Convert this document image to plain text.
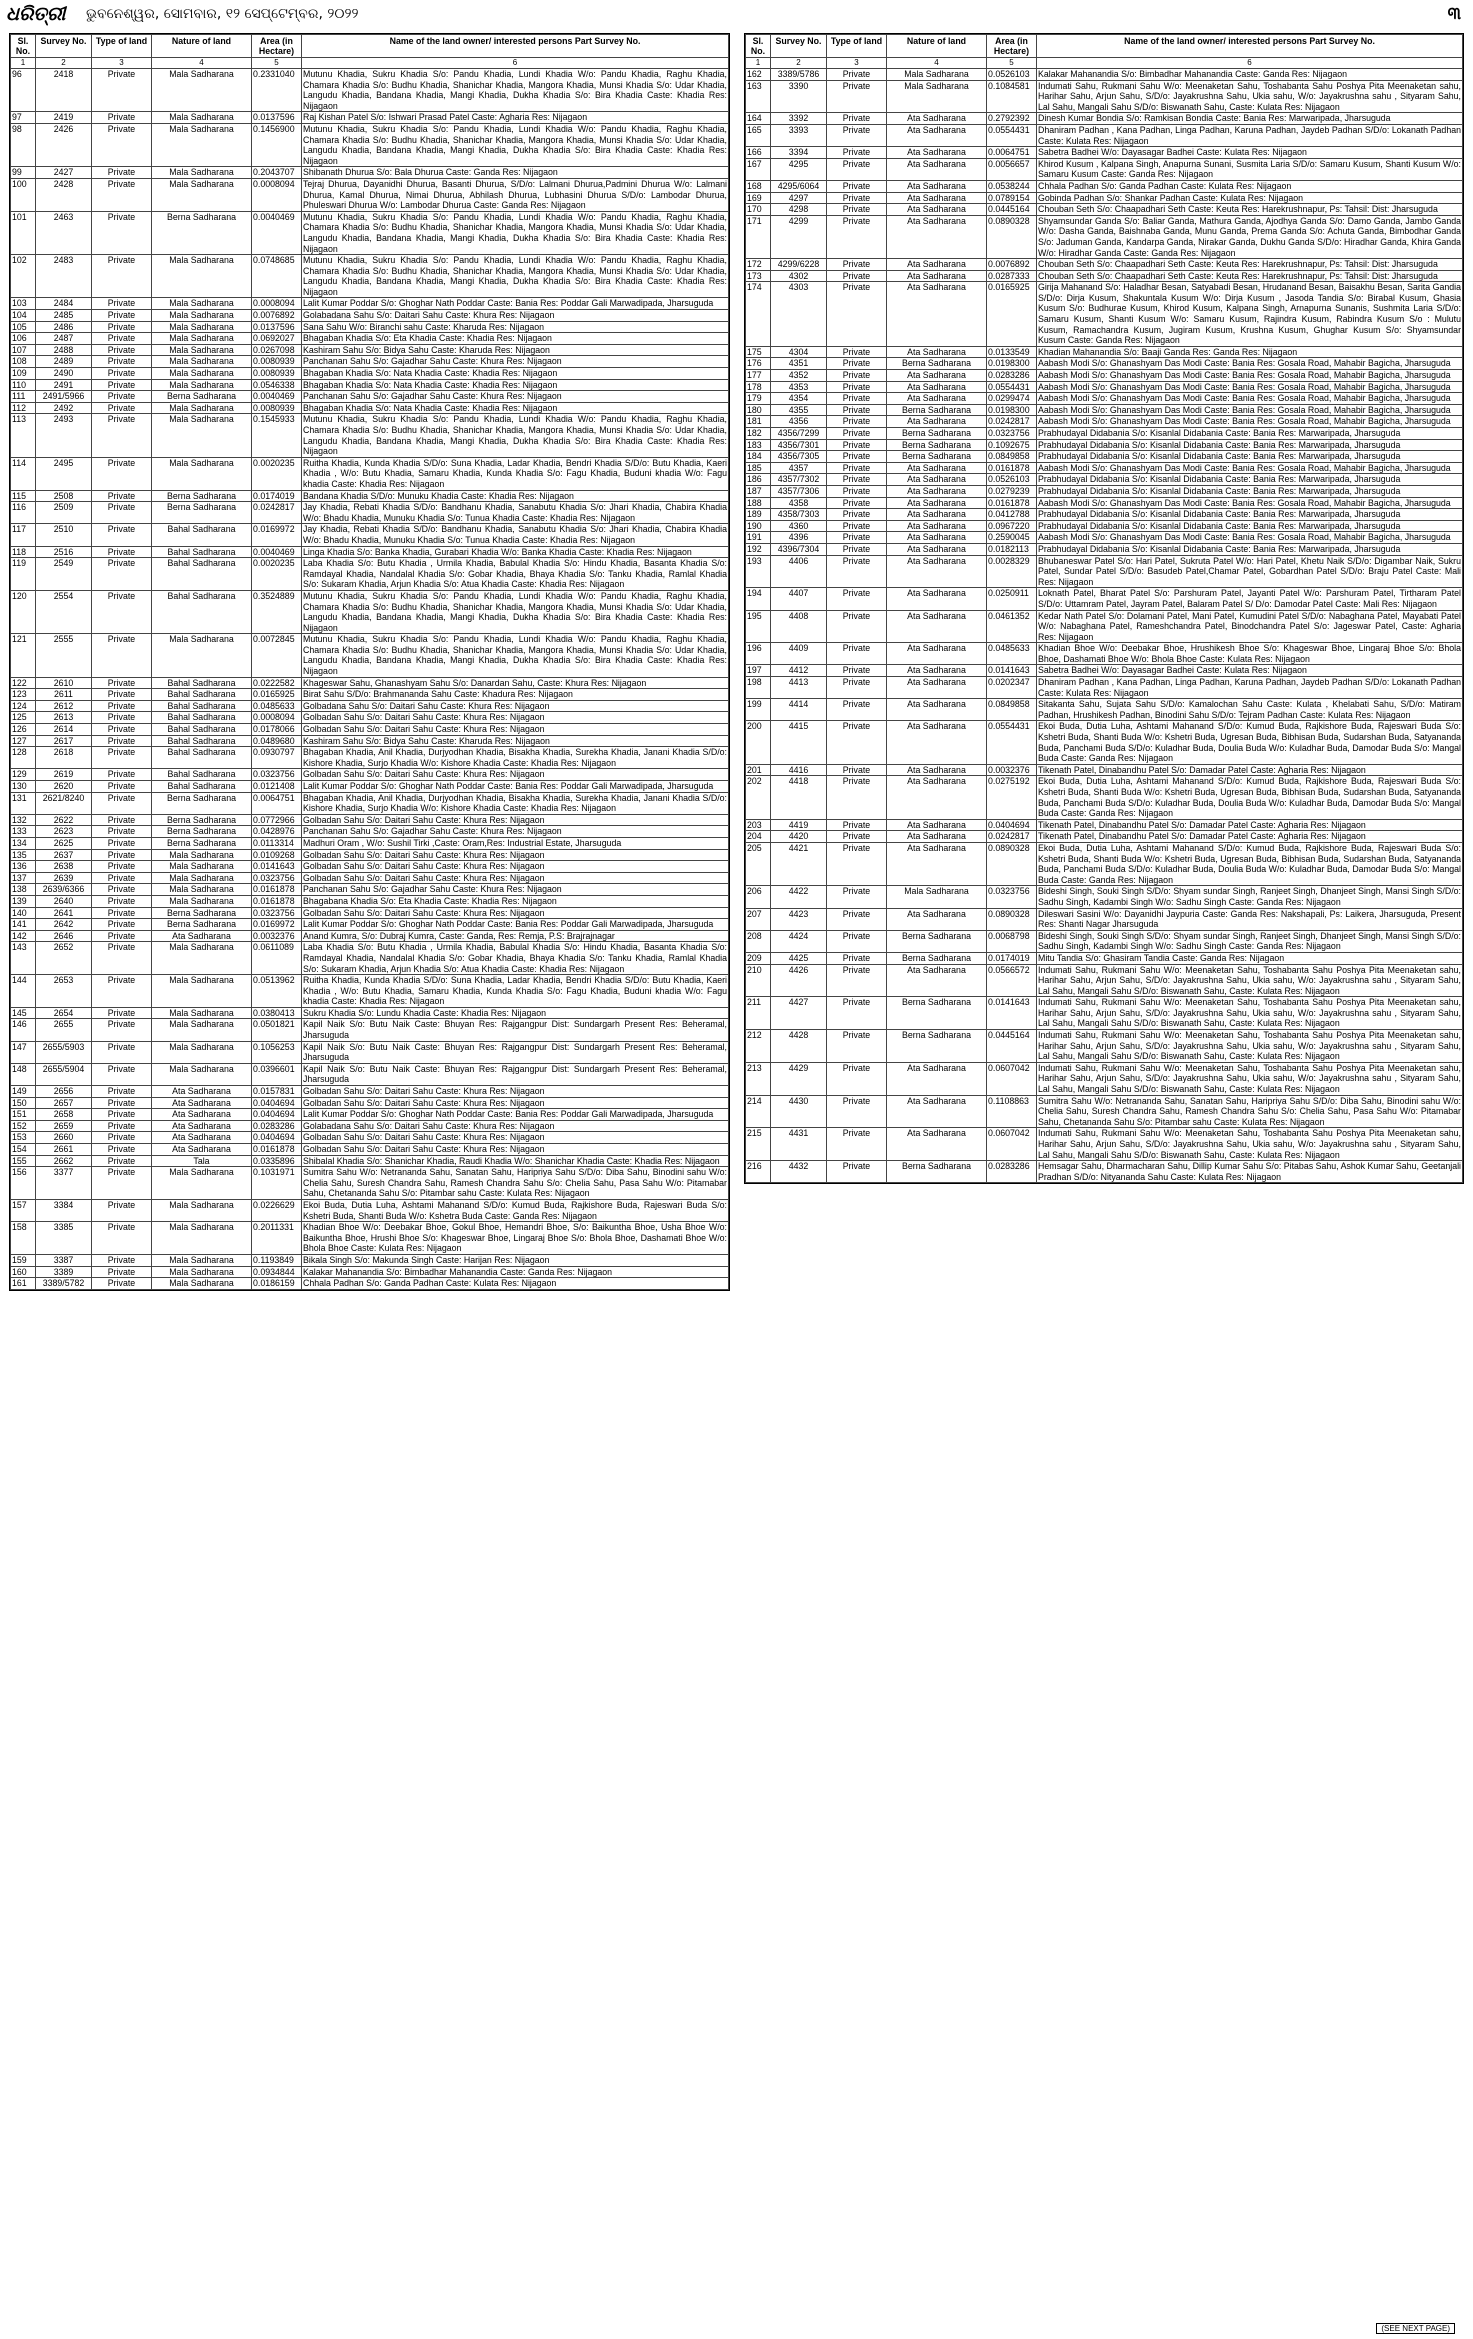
ଧରିତ୍ରୀ ଭୁବନେଶ୍ୱର, ସୋମବାର, ୧୨ ସେପ୍ଟେମ୍ବର, ୨୦୨୨	୩
Sl. No.	Survey No.	Type of land	Nature of land	Area (in Hectare)	Name of the land owner/ interested persons Part Survey No.
1	2	3	4	5	6
96	2418	Private	Mala Sadharana	0.2331040	Mutunu Khadia, Sukru Khadia S/o: Pandu Khadia, Lundi Khadia W/o: Pandu Khadia, Raghu Khadia, Chamara Khadia S/o: Budhu Khadia, Shanichar Khadia, Mangora Khadia, Munsi Khadia S/o: Udar Khadia, Langudu Khadia, Bandana Khadia, Mangi Khadia, Dukha Khadia S/o: Bira Khadia Caste: Khadia Res: Nijagaon
97	2419	Private	Mala Sadharana	0.0137596	Raj Kishan Patel S/o: Ishwari Prasad Patel Caste: Agharia Res: Nijagaon
98	2426	Private	Mala Sadharana	0.1456900	Mutunu Khadia, Sukru Khadia S/o: Pandu Khadia, Lundi Khadia W/o: Pandu Khadia, Raghu Khadia, Chamara Khadia S/o: Budhu Khadia, Shanichar Khadia, Mangora Khadia, Munsi Khadia S/o: Udar Khadia, Langudu Khadia, Bandana Khadia, Mangi Khadia, Dukha Khadia S/o: Bira Khadia Caste: Khadia Res: Nijagaon
99	2427	Private	Mala Sadharana	0.2043707	Shibanath Dhurua S/o: Bala Dhurua Caste: Ganda Res: Nijagaon
100	2428	Private	Mala Sadharana	0.0008094	Tejraj Dhurua, Dayanidhi Dhurua, Basanti Dhurua, S/D/o: Lalmani Dhurua,Padmini Dhurua W/o: Lalmani Dhurua, Kamal Dhurua, Nimai Dhurua, Abhilash Dhurua, Lubhasini Dhurua S/D/o: Lambodar Dhurua, Phuleswari Dhurua W/o: Lambodar Dhurua Caste: Ganda Res: Nijagaon
101	2463	Private	Berna Sadharana	0.0040469	Mutunu Khadia, Sukru Khadia S/o: Pandu Khadia, Lundi Khadia W/o: Pandu Khadia, Raghu Khadia, Chamara Khadia S/o: Budhu Khadia, Shanichar Khadia, Mangora Khadia, Munsi Khadia S/o: Udar Khadia, Langudu Khadia, Bandana Khadia, Mangi Khadia, Dukha Khadia S/o: Bira Khadia Caste: Khadia Res: Nijagaon
102	2483	Private	Mala Sadharana	0.0748685	Mutunu Khadia, Sukru Khadia S/o: Pandu Khadia, Lundi Khadia W/o: Pandu Khadia, Raghu Khadia, Chamara Khadia S/o: Budhu Khadia, Shanichar Khadia, Mangora Khadia, Munsi Khadia S/o: Udar Khadia, Langudu Khadia, Bandana Khadia, Mangi Khadia, Dukha Khadia S/o: Bira Khadia Caste: Khadia Res: Nijagaon
103	2484	Private	Mala Sadharana	0.0008094	Lalit Kumar Poddar S/o: Ghoghar Nath Poddar Caste: Bania Res: Poddar Gali Marwadipada, Jharsuguda
104	2485	Private	Mala Sadharana	0.0076892	Golabadana Sahu S/o: Daitari Sahu Caste: Khura Res: Nijagaon
105	2486	Private	Mala Sadharana	0.0137596	Sana Sahu W/o: Biranchi sahu Caste: Kharuda Res: Nijagaon
106	2487	Private	Mala Sadharana	0.0692027	Bhagaban Khadia S/o: Eta Khadia Caste: Khadia Res: Nijagaon
107	2488	Private	Mala Sadharana	0.0267098	Kashiram Sahu S/o: Bidya Sahu Caste: Kharuda Res: Nijagaon
108	2489	Private	Mala Sadharana	0.0080939	Panchanan Sahu S/o: Gajadhar Sahu Caste: Khura Res: Nijagaon
109	2490	Private	Mala Sadharana	0.0080939	Bhagaban Khadia S/o: Nata Khadia Caste: Khadia Res: Nijagaon
110	2491	Private	Mala Sadharana	0.0546338	Bhagaban Khadia S/o: Nata Khadia Caste: Khadia Res: Nijagaon
111	2491/5966	Private	Berna Sadharana	0.0040469	Panchanan Sahu S/o: Gajadhar Sahu Caste: Khura Res: Nijagaon
112	2492	Private	Mala Sadharana	0.0080939	Bhagaban Khadia S/o: Nata Khadia Caste: Khadia Res: Nijagaon
113	2493	Private	Mala Sadharana	0.1545933	Mutunu Khadia, Sukru Khadia S/o: Pandu Khadia, Lundi Khadia W/o: Pandu Khadia, Raghu Khadia, Chamara Khadia S/o: Budhu Khadia, Shanichar Khadia, Mangora Khadia, Munsi Khadia S/o: Udar Khadia, Langudu Khadia, Bandana Khadia, Mangi Khadia, Dukha Khadia S/o: Bira Khadia Caste: Khadia Res: Nijagaon
114	2495	Private	Mala Sadharana	0.0020235	Ruitha Khadia, Kunda Khadia S/D/o: Suna Khadia, Ladar Khadia, Bendri Khadia S/D/o: Butu Khadia, Kaeri Khadia , W/o: Butu Khadia, Samaru Khadia, Kunda Khadia S/o: Fagu Khadia, Buduni khadia W/o: Fagu khadia Caste: Khadia Res: Nijagaon
115	2508	Private	Berna Sadharana	0.0174019	Bandana Khadia S/D/o: Munuku Khadia Caste: Khadia Res: Nijagaon
116	2509	Private	Berna Sadharana	0.0242817	Jay Khadia, Rebati Khadia S/D/o: Bandhanu Khadia, Sanabutu Khadia S/o: Jhari Khadia, Chabira Khadia W/o: Bhadu Khadia, Munuku Khadia S/o: Tunua Khadia Caste: Khadia Res: Nijagaon
117	2510	Private	Bahal Sadharana	0.0169972	Jay Khadia, Rebati Khadia S/D/o: Bandhanu Khadia, Sanabutu Khadia S/o: Jhari Khadia, Chabira Khadia W/o: Bhadu Khadia, Munuku Khadia S/o: Tunua Khadia Caste: Khadia Res: Nijagaon
118	2516	Private	Bahal Sadharana	0.0040469	Linga Khadia S/o: Banka Khadia, Gurabari Khadia W/o: Banka Khadia Caste: Khadia Res: Nijagaon
119	2549	Private	Bahal Sadharana	0.0020235	Laba Khadia S/o: Butu Khadia , Urmila Khadia, Babulal Khadia S/o: Hindu Khadia, Basanta Khadia S/o: Ramdayal Khadia, Nandalal Khadia S/o: Gobar Khadia, Bhaya Khadia S/o: Tanku Khadia, Ramlal Khadia S/o: Sukaram Khadia, Arjun Khadia S/o: Atua Khadia Caste: Khadia Res: Nijagaon
120	2554	Private	Bahal Sadharana	0.3524889	Mutunu Khadia, Sukru Khadia S/o: Pandu Khadia, Lundi Khadia W/o: Pandu Khadia, Raghu Khadia, Chamara Khadia S/o: Budhu Khadia, Shanichar Khadia, Mangora Khadia, Munsi Khadia S/o: Udar Khadia, Langudu Khadia, Bandana Khadia, Mangi Khadia, Dukha Khadia S/o: Bira Khadia Caste: Khadia Res: Nijagaon
121	2555	Private	Mala Sadharana	0.0072845	Mutunu Khadia, Sukru Khadia S/o: Pandu Khadia, Lundi Khadia W/o: Pandu Khadia, Raghu Khadia, Chamara Khadia S/o: Budhu Khadia, Shanichar Khadia, Mangora Khadia, Munsi Khadia S/o: Udar Khadia, Langudu Khadia, Bandana Khadia, Mangi Khadia, Dukha Khadia S/o: Bira Khadia Caste: Khadia Res: Nijagaon
122	2610	Private	Bahal Sadharana	0.0222582	Khageswar Sahu, Ghanashyam Sahu S/o: Danardan Sahu, Caste: Khura Res: Nijagaon
123	2611	Private	Bahal Sadharana	0.0165925	Birat Sahu S/D/o: Brahmananda Sahu Caste: Khadura Res: Nijagaon
124	2612	Private	Bahal Sadharana	0.0485633	Golbadana Sahu S/o: Daitari Sahu Caste: Khura Res: Nijagaon
125	2613	Private	Bahal Sadharana	0.0008094	Golbadan Sahu S/o: Daitari Sahu Caste: Khura Res: Nijagaon
126	2614	Private	Bahal Sadharana	0.0178066	Golbadan Sahu S/o: Daitari Sahu Caste: Khura Res: Nijagaon
127	2617	Private	Bahal Sadharana	0.0489680	Kashiram Sahu S/o: Bidya Sahu Caste: Kharuda Res: Nijagaon
128	2618	Private	Bahal Sadharana	0.0930797	Bhagaban Khadia, Anil Khadia, Durjyodhan Khadia, Bisakha Khadia, Surekha Khadia, Janani Khadia S/D/o: Kishore Khadia, Surjo Khadia W/o: Kishore Khadia Caste: Khadia Res: Nijagaon
129	2619	Private	Bahal Sadharana	0.0323756	Golbadan Sahu S/o: Daitari Sahu Caste: Khura Res: Nijagaon
130	2620	Private	Bahal Sadharana	0.0121408	Lalit Kumar Poddar S/o: Ghoghar Nath Poddar Caste: Bania Res: Poddar Gali Marwadipada, Jharsuguda
131	2621/8240	Private	Berna Sadharana	0.0064751	Bhagaban Khadia, Anil Khadia, Durjyodhan Khadia, Bisakha Khadia, Surekha Khadia, Janani Khadia S/D/o: Kishore Khadia, Surjo Khadia W/o: Kishore Khadia Caste: Khadia Res: Nijagaon
132	2622	Private	Berna Sadharana	0.0772966	Golbadan Sahu S/o: Daitari Sahu Caste: Khura Res: Nijagaon
133	2623	Private	Berna Sadharana	0.0428976	Panchanan Sahu S/o: Gajadhar Sahu Caste: Khura Res: Nijagaon
134	2625	Private	Berna Sadharana	0.0113314	Madhuri Oram , W/o: Sushil Tirki ,Caste: Oram,Res: Industrial Estate, Jharsuguda
135	2637	Private	Mala Sadharana	0.0109268	Golbadan Sahu S/o: Daitari Sahu Caste: Khura Res: Nijagaon
136	2638	Private	Mala Sadharana	0.0141643	Golbadan Sahu S/o: Daitari Sahu Caste: Khura Res: Nijagaon
137	2639	Private	Mala Sadharana	0.0323756	Golbadan Sahu S/o: Daitari Sahu Caste: Khura Res: Nijagaon
138	2639/6366	Private	Mala Sadharana	0.0161878	Panchanan Sahu S/o: Gajadhar Sahu Caste: Khura Res: Nijagaon
139	2640	Private	Mala Sadharana	0.0161878	Bhagabana Khadia S/o: Eta Khadia Caste: Khadia Res: Nijagaon
140	2641	Private	Berna Sadharana	0.0323756	Golbadan Sahu S/o: Daitari Sahu Caste: Khura Res: Nijagaon
141	2642	Private	Berna Sadharana	0.0169972	Lalit Kumar Poddar S/o: Ghoghar Nath Poddar Caste: Bania Res: Poddar Gali Marwadipada, Jharsuguda
142	2646	Private	Ata Sadharana	0.0032376	Anand Kumra, S/o: Dubraj Kumra, Caste: Ganda, Res: Remja, P.S: Brajrajnagar
143	2652	Private	Mala Sadharana	0.0611089	Laba Khadia S/o: Butu Khadia , Urmila Khadia, Babulal Khadia S/o: Hindu Khadia, Basanta Khadia S/o: Ramdayal Khadia, Nandalal Khadia S/o: Gobar Khadia, Bhaya Khadia S/o: Tanku Khadia, Ramlal Khadia S/o: Sukaram Khadia, Arjun Khadia S/o: Atua Khadia Caste: Khadia Res: Nijagaon
144	2653	Private	Mala Sadharana	0.0513962	Ruitha Khadia, Kunda Khadia S/D/o: Suna Khadia, Ladar Khadia, Bendri Khadia S/D/o: Butu Khadia, Kaeri Khadia , W/o: Butu Khadia, Samaru Khadia, Kunda Khadia S/o: Fagu Khadia, Buduni khadia W/o: Fagu khadia Caste: Khadia Res: Nijagaon
145	2654	Private	Mala Sadharana	0.0380413	Sukru Khadia S/o: Lundu Khadia Caste: Khadia Res: Nijagaon
146	2655	Private	Mala Sadharana	0.0501821	Kapil Naik S/o: Butu Naik Caste: Bhuyan Res: Rajgangpur Dist: Sundargarh Present Res: Beheramal, Jharsuguda
147	2655/5903	Private	Mala Sadharana	0.1056253	Kapil Naik S/o: Butu Naik Caste: Bhuyan Res: Rajgangpur Dist: Sundargarh Present Res: Beheramal, Jharsuguda
148	2655/5904	Private	Mala Sadharana	0.0396601	Kapil Naik S/o: Butu Naik Caste: Bhuyan Res: Rajgangpur Dist: Sundargarh Present Res: Beheramal, Jharsuguda
149	2656	Private	Ata Sadharana	0.0157831	Golbadan Sahu S/o: Daitari Sahu Caste: Khura Res: Nijagaon
150	2657	Private	Ata Sadharana	0.0404694	Golbadan Sahu S/o: Daitari Sahu Caste: Khura Res: Nijagaon
151	2658	Private	Ata Sadharana	0.0404694	Lalit Kumar Poddar S/o: Ghoghar Nath Poddar Caste: Bania Res: Poddar Gali Marwadipada, Jharsuguda
152	2659	Private	Ata Sadharana	0.0283286	Golabadana Sahu S/o: Daitari Sahu Caste: Khura Res: Nijagaon
153	2660	Private	Ata Sadharana	0.0404694	Golbadan Sahu S/o: Daitari Sahu Caste: Khura Res: Nijagaon
154	2661	Private	Ata Sadharana	0.0161878	Golbadan Sahu S/o: Daitari Sahu Caste: Khura Res: Nijagaon
155	2662	Private	Tala	0.0335896	Shibalal Khadia S/o: Shanichar Khadia, Raudi Khadia W/o: Shanichar Khadia Caste: Khadia Res: Nijagaon
156	3377	Private	Mala Sadharana	0.1031971	Sumitra Sahu W/o: Netrananda Sahu, Sanatan Sahu, Haripriya Sahu S/D/o: Diba Sahu, Binodini sahu W/o: Chelia Sahu, Suresh Chandra Sahu, Ramesh Chandra Sahu S/o: Chelia Sahu, Pasa Sahu W/o: Pitamabar Sahu, Chetananda Sahu S/o: Pitambar sahu Caste: Kulata Res: Nijagaon
157	3384	Private	Mala Sadharana	0.0226629	Ekoi Buda, Dutia Luha, Ashtami Mahanand S/D/o: Kumud Buda, Rajkishore Buda, Rajeswari Buda S/o: Kshetri Buda, Shanti Buda W/o: Kshetra Buda Caste: Ganda Res: Nijagaon
158	3385	Private	Mala Sadharana	0.2011331	Khadian Bhoe W/o: Deebakar Bhoe, Gokul Bhoe, Hemandri Bhoe, S/o: Baikuntha Bhoe, Usha Bhoe W/o: Baikuntha Bhoe, Hrushi Bhoe S/o: Khageswar Bhoe, Lingaraj Bhoe S/o: Bhola Bhoe, Dashamati Bhoe W/o: Bhola Bhoe Caste: Kulata Res: Nijagaon
159	3387	Private	Mala Sadharana	0.1193849	Bikala Singh S/o: Makunda Singh Caste: Harijan Res: Nijagaon
160	3389	Private	Mala Sadharana	0.0934844	Kalakar Mahanandia S/o: Bimbadhar Mahanandia Caste: Ganda Res: Nijagaon
161	3389/5782	Private	Mala Sadharana	0.0186159	Chhala Padhan S/o: Ganda Padhan Caste: Kulata Res: Nijagaon
Sl. No.	Survey No.	Type of land	Nature of land	Area (in Hectare)	Name of the land owner/ interested persons Part Survey No.
1	2	3	4	5	6
162	3389/5786	Private	Mala Sadharana	0.0526103	Kalakar Mahanandia S/o: Bimbadhar Mahanandia Caste: Ganda Res: Nijagaon
163	3390	Private	Mala Sadharana	0.1084581	Indumati Sahu, Rukmani Sahu W/o: Meenaketan Sahu, Toshabanta Sahu Poshya Pita Meenaketan sahu, Harihar Sahu, Arjun Sahu, S/D/o: Jayakrushna Sahu, Ukia sahu, W/o: Jayakrushna sahu , Sityaram Sahu, Lal Sahu, Mangali Sahu S/D/o: Biswanath Sahu, Caste: Kulata Res: Nijagaon
164	3392	Private	Ata Sadharana	0.2792392	Dinesh Kumar Bondia S/o: Ramkisan Bondia Caste: Bania Res: Marwaripada, Jharsuguda
165	3393	Private	Ata Sadharana	0.0554431	Dhaniram Padhan , Kana Padhan, Linga Padhan, Karuna Padhan, Jaydeb Padhan S/D/o: Lokanath Padhan Caste: Kulata Res: Nijagaon
166	3394	Private	Ata Sadharana	0.0064751	Sabetra Badhei W/o: Dayasagar Badhei Caste: Kulata Res: Nijagaon
167	4295	Private	Ata Sadharana	0.0056657	Khirod Kusum , Kalpana Singh, Anapurna Sunani, Susmita Laria S/D/o: Samaru Kusum, Shanti Kusum W/o: Samaru Kusum Caste: Ganda Res: Nijagaon
168	4295/6064	Private	Ata Sadharana	0.0538244	Chhala Padhan S/o: Ganda Padhan Caste: Kulata Res: Nijagaon
169	4297	Private	Ata Sadharana	0.0789154	Gobinda Padhan S/o: Shankar Padhan Caste: Kulata Res: Nijagaon
170	4298	Private	Ata Sadharana	0.0445164	Chouban Seth S/o: Chaapadhari Seth Caste: Keuta Res: Harekrushnapur, Ps: Tahsil: Dist: Jharsuguda
171	4299	Private	Ata Sadharana	0.0890328	Shyamsundar Ganda S/o: Baliar Ganda, Mathura Ganda, Ajodhya Ganda S/o: Damo Ganda, Jambo Ganda W/o: Dasha Ganda, Baishnaba Ganda, Munu Ganda, Prema Ganda S/o: Achuta Ganda, Bimbodhar Ganda S/o: Jaduman Ganda, Kandarpa Ganda, Nirakar Ganda, Dukhu Ganda S/D/o: Hiradhar Ganda, Khira Ganda W/o: Hiradhar Ganda Caste: Ganda Res: Nijagaon
172	4299/6228	Private	Ata Sadharana	0.0076892	Chouban Seth S/o: Chaapadhari Seth Caste: Keuta Res: Harekrushnapur, Ps: Tahsil: Dist: Jharsuguda
173	4302	Private	Ata Sadharana	0.0287333	Chouban Seth S/o: Chaapadhari Seth Caste: Keuta Res: Harekrushnapur, Ps: Tahsil: Dist: Jharsuguda
174	4303	Private	Ata Sadharana	0.0165925	Girija Mahanand S/o: Haladhar Besan, Satyabadi Besan, Hrudanand Besan, Baisakhu Besan, Sarita Gandia S/D/o: Dirja Kusum, Shakuntala Kusum W/o: Dirja Kusum , Jasoda Tandia S/o: Birabal Kusum, Ghasia Kusum S/o: Budhurae Kusum, Khirod Kusum, Kalpana Singh, Arnapurna Sunanis, Sushmita Laria S/D/o: Samaru Kusum, Shanti Kusum W/o: Samaru Kusum, Rajindra Kusum, Rabindra Kusum S/o : Mulutu Kusum, Ramachandra Kusum, Jugiram Kusum, Krushna Kusum, Ghughar Kusum S/o: Shyamsundar Kusum Caste: Ganda Res: Nijagaon
175	4304	Private	Ata Sadharana	0.0133549	Khadian Mahanandia S/o: Baaji Ganda Res: Ganda Res: Nijagaon
176	4351	Private	Berna Sadharana	0.0198300	Aabash Modi S/o: Ghanashyam Das Modi Caste: Bania Res: Gosala Road, Mahabir Bagicha, Jharsuguda
177	4352	Private	Ata Sadharana	0.0283286	Aabash Modi S/o: Ghanashyam Das Modi Caste: Bania Res: Gosala Road, Mahabir Bagicha, Jharsuguda
178	4353	Private	Ata Sadharana	0.0554431	Aabash Modi S/o: Ghanashyam Das Modi Caste: Bania Res: Gosala Road, Mahabir Bagicha, Jharsuguda
179	4354	Private	Ata Sadharana	0.0299474	Aabash Modi S/o: Ghanashyam Das Modi Caste: Bania Res: Gosala Road, Mahabir Bagicha, Jharsuguda
180	4355	Private	Berna Sadharana	0.0198300	Aabash Modi S/o: Ghanashyam Das Modi Caste: Bania Res: Gosala Road, Mahabir Bagicha, Jharsuguda
181	4356	Private	Ata Sadharana	0.0242817	Aabash Modi S/o: Ghanashyam Das Modi Caste: Bania Res: Gosala Road, Mahabir Bagicha, Jharsuguda
182	4356/7299	Private	Berna Sadharana	0.0323756	Prabhudayal Didabania S/o: Kisanlal Didabania Caste: Bania Res: Marwaripada, Jharsuguda
183	4356/7301	Private	Berna Sadharana	0.1092675	Prabhudayal Didabania S/o: Kisanlal Didabania Caste: Bania Res: Marwaripada, Jharsuguda
184	4356/7305	Private	Berna Sadharana	0.0849858	Prabhudayal Didabania S/o: Kisanlal Didabania Caste: Bania Res: Marwaripada, Jharsuguda
185	4357	Private	Ata Sadharana	0.0161878	Aabash Modi S/o: Ghanashyam Das Modi Caste: Bania Res: Gosala Road, Mahabir Bagicha, Jharsuguda
186	4357/7302	Private	Ata Sadharana	0.0526103	Prabhudayal Didabania S/o: Kisanlal Didabania Caste: Bania Res: Marwaripada, Jharsuguda
187	4357/7306	Private	Ata Sadharana	0.0279239	Prabhudayal Didabania S/o: Kisanlal Didabania Caste: Bania Res: Marwaripada, Jharsuguda
188	4358	Private	Ata Sadharana	0.0161878	Aabash Modi S/o: Ghanashyam Das Modi Caste: Bania Res: Gosala Road, Mahabir Bagicha, Jharsuguda
189	4358/7303	Private	Ata Sadharana	0.0412788	Prabhudayal Didabania S/o: Kisanlal Didabania Caste: Bania Res: Marwaripada, Jharsuguda
190	4360	Private	Ata Sadharana	0.0967220	Prabhudayal Didabania S/o: Kisanlal Didabania Caste: Bania Res: Marwaripada, Jharsuguda
191	4396	Private	Ata Sadharana	0.2590045	Aabash Modi S/o: Ghanashyam Das Modi Caste: Bania Res: Gosala Road, Mahabir Bagicha, Jharsuguda
192	4396/7304	Private	Ata Sadharana	0.0182113	Prabhudayal Didabania S/o: Kisanlal Didabania Caste: Bania Res: Marwaripada, Jharsuguda
193	4406	Private	Ata Sadharana	0.0028329	Bhubaneswar Patel S/o: Hari Patel, Sukruta Patel W/o: Hari Patel, Khetu Naik S/D/o: Digambar Naik, Sukru Patel, Sundar Patel S/D/o: Basudeb Patel,Chamar Patel, Gobardhan Patel S/D/o: Braju Patel Caste: Mali Res: Nijagaon
194	4407	Private	Ata Sadharana	0.0250911	Loknath Patel, Bharat Patel S/o: Parshuram Patel, Jayanti Patel W/o: Parshuram Patel, Tirtharam Patel S/D/o: Uttamram Patel, Jayram Patel, Balaram Patel S/ D/o: Damodar Patel Caste: Mali Res: Nijagaon
195	4408	Private	Ata Sadharana	0.0461352	Kedar Nath Patel S/o: Dolamani Patel, Mani Patel, Kumudini Patel S/D/o: Nabaghana Patel, Mayabati Patel W/o: Nabaghana Patel, Rameshchandra Patel, Binodchandra Patel S/o: Jageswar Patel, Caste: Agharia Res: Nijagaon
196	4409	Private	Ata Sadharana	0.0485633	Khadian Bhoe W/o: Deebakar Bhoe, Hrushikesh Bhoe S/o: Khageswar Bhoe, Lingaraj Bhoe S/o: Bhola Bhoe, Dashamati Bhoe W/o: Bhola Bhoe Caste: Kulata Res: Nijagaon
197	4412	Private	Ata Sadharana	0.0141643	Sabetra Badhei W/o: Dayasagar Badhei Caste: Kulata Res: Nijagaon
198	4413	Private	Ata Sadharana	0.0202347	Dhaniram Padhan , Kana Padhan, Linga Padhan, Karuna Padhan, Jaydeb Padhan S/D/o: Lokanath Padhan Caste: Kulata Res: Nijagaon
199	4414	Private	Ata Sadharana	0.0849858	Sitakanta Sahu, Sujata Sahu S/D/o: Kamalochan Sahu Caste: Kulata , Khelabati Sahu, S/D/o: Matiram Padhan, Hrushikesh Padhan, Binodini Sahu S/D/o: Tejram Padhan Caste: Kulata Res: Nijagaon
200	4415	Private	Ata Sadharana	0.0554431	Ekoi Buda, Dutia Luha, Ashtami Mahanand S/D/o: Kumud Buda, Rajkishore Buda, Rajeswari Buda S/o: Kshetri Buda, Shanti Buda W/o: Kshetri Buda, Ugresan Buda, Bibhisan Buda, Sudarshan Buda, Satyananda Buda, Panchami Buda S/D/o: Kuladhar Buda, Doulia Buda W/o: Kuladhar Buda, Damodar Buda S/o: Mangal Buda Caste: Ganda Res: Nijagaon
201	4416	Private	Ata Sadharana	0.0032376	Tikenath Patel, Dinabandhu Patel S/o: Damadar Patel Caste: Agharia Res: Nijagaon
202	4418	Private	Ata Sadharana	0.0275192	Ekoi Buda, Dutia Luha, Ashtami Mahanand S/D/o: Kumud Buda, Rajkishore Buda, Rajeswari Buda S/o: Kshetri Buda, Shanti Buda W/o: Kshetri Buda, Ugresan Buda, Bibhisan Buda, Sudarshan Buda, Satyananda Buda, Panchami Buda S/D/o: Kuladhar Buda, Doulia Buda W/o: Kuladhar Buda, Damodar Buda S/o: Mangal Buda Caste: Ganda Res: Nijagaon
203	4419	Private	Ata Sadharana	0.0404694	Tikenath Patel, Dinabandhu Patel S/o: Damadar Patel Caste: Agharia Res: Nijagaon
204	4420	Private	Ata Sadharana	0.0242817	Tikenath Patel, Dinabandhu Patel S/o: Damadar Patel Caste: Agharia Res: Nijagaon
205	4421	Private	Ata Sadharana	0.0890328	Ekoi Buda, Dutia Luha, Ashtami Mahanand S/D/o: Kumud Buda, Rajkishore Buda, Rajeswari Buda S/o: Kshetri Buda, Shanti Buda W/o: Kshetri Buda, Ugresan Buda, Bibhisan Buda, Sudarshan Buda, Satyananda Buda, Panchami Buda S/D/o: Kuladhar Buda, Doulia Buda W/o: Kuladhar Buda, Damodar Buda S/o: Mangal Buda Caste: Ganda Res: Nijagaon
206	4422	Private	Mala Sadharana	0.0323756	Bideshi Singh, Souki Singh S/D/o: Shyam sundar Singh, Ranjeet Singh, Dhanjeet Singh, Mansi Singh S/D/o: Sadhu Singh, Kadambi Singh W/o: Sadhu Singh Caste: Ganda Res: Nijagaon
207	4423	Private	Ata Sadharana	0.0890328	Dileswari Sasini W/o: Dayanidhi Jaypuria Caste: Ganda Res: Nakshapali, Ps: Laikera, Jharsuguda, Present Res: Shanti Nagar Jharsuguda
208	4424	Private	Berna Sadharana	0.0068798	Bideshi Singh, Souki Singh S/D/o: Shyam sundar Singh, Ranjeet Singh, Dhanjeet Singh, Mansi Singh S/D/o: Sadhu Singh, Kadambi Singh W/o: Sadhu Singh Caste: Ganda Res: Nijagaon
209	4425	Private	Berna Sadharana	0.0174019	Mitu Tandia S/o: Ghasiram Tandia Caste: Ganda Res: Nijagaon
210	4426	Private	Ata Sadharana	0.0566572	Indumati Sahu, Rukmani Sahu W/o: Meenaketan Sahu, Toshabanta Sahu Poshya Pita Meenaketan sahu, Harihar Sahu, Arjun Sahu, S/D/o: Jayakrushna Sahu, Ukia sahu, W/o: Jayakrushna sahu , Sityaram Sahu, Lal Sahu, Mangali Sahu S/D/o: Biswanath Sahu, Caste: Kulata Res: Nijagaon
211	4427	Private	Berna Sadharana	0.0141643	Indumati Sahu, Rukmani Sahu W/o: Meenaketan Sahu, Toshabanta Sahu Poshya Pita Meenaketan sahu, Harihar Sahu, Arjun Sahu, S/D/o: Jayakrushna Sahu, Ukia sahu, W/o: Jayakrushna sahu , Sityaram Sahu, Lal Sahu, Mangali Sahu S/D/o: Biswanath Sahu, Caste: Kulata Res: Nijagaon
212	4428	Private	Berna Sadharana	0.0445164	Indumati Sahu, Rukmani Sahu W/o: Meenaketan Sahu, Toshabanta Sahu Poshya Pita Meenaketan sahu, Harihar Sahu, Arjun Sahu, S/D/o: Jayakrushna Sahu, Ukia sahu, W/o: Jayakrushna sahu , Sityaram Sahu, Lal Sahu, Mangali Sahu S/D/o: Biswanath Sahu, Caste: Kulata Res: Nijagaon
213	4429	Private	Ata Sadharana	0.0607042	Indumati Sahu, Rukmani Sahu W/o: Meenaketan Sahu, Toshabanta Sahu Poshya Pita Meenaketan sahu, Harihar Sahu, Arjun Sahu, S/D/o: Jayakrushna Sahu, Ukia sahu, W/o: Jayakrushna sahu , Sityaram Sahu, Lal Sahu, Mangali Sahu S/D/o: Biswanath Sahu, Caste: Kulata Res: Nijagaon
214	4430	Private	Ata Sadharana	0.1108863	Sumitra Sahu W/o: Netrananda Sahu, Sanatan Sahu, Haripriya Sahu S/D/o: Diba Sahu, Binodini sahu W/o: Chelia Sahu, Suresh Chandra Sahu, Ramesh Chandra Sahu S/o: Chelia Sahu, Pasa Sahu W/o: Pitamabar Sahu, Chetananda Sahu S/o: Pitambar sahu Caste: Kulata Res: Nijagaon
215	4431	Private	Ata Sadharana	0.0607042	Indumati Sahu, Rukmani Sahu W/o: Meenaketan Sahu, Toshabanta Sahu Poshya Pita Meenaketan sahu, Harihar Sahu, Arjun Sahu, S/D/o: Jayakrushna Sahu, Ukia sahu, W/o: Jayakrushna sahu , Sityaram Sahu, Lal Sahu, Mangali Sahu S/D/o: Biswanath Sahu, Caste: Kulata Res: Nijagaon
216	4432	Private	Berna Sadharana	0.0283286	Hemsagar Sahu, Dharmacharan Sahu, Dillip Kumar Sahu S/o: Pitabas Sahu, Ashok Kumar Sahu, Geetanjali Pradhan S/D/o: Nityananda Sahu Caste: Kulata Res: Nijagaon
(SEE NEXT PAGE)
